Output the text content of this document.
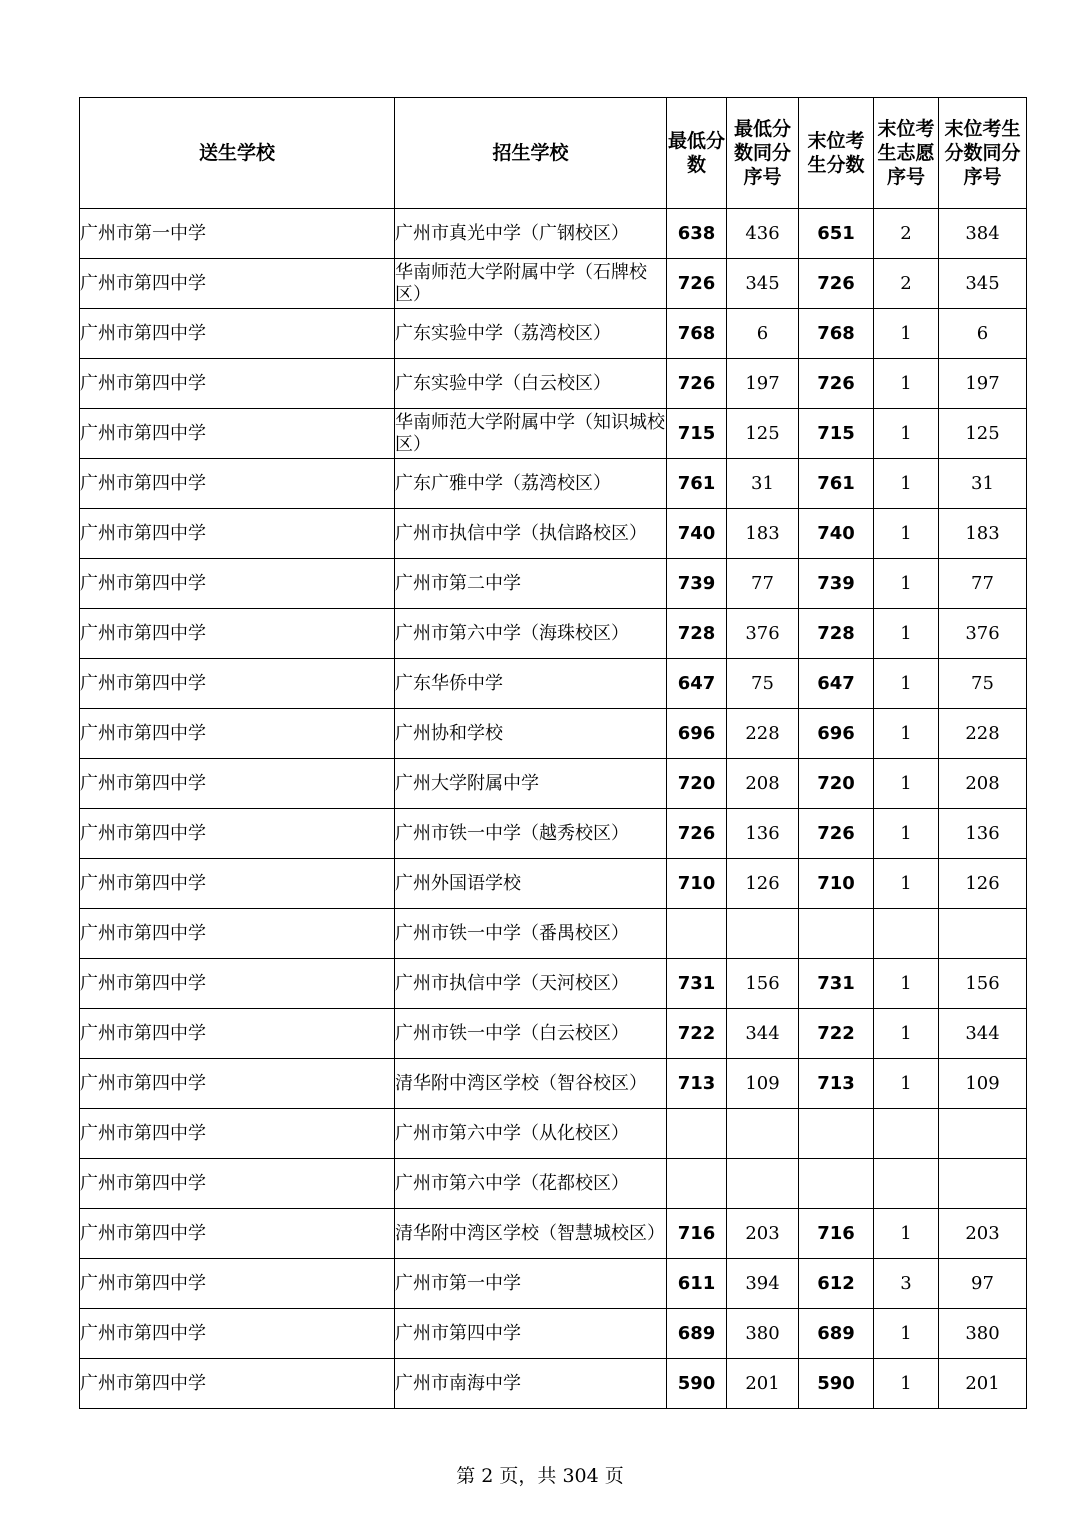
送生学校	招生学校	最低分数	最低分数同分序号	末位考生分数	末位考生志愿序号	末位考生分数同分序号
广州市第一中学	广州市真光中学（广钢校区）	638	436	651	2	384
广州市第四中学	华南师范大学附属中学（石牌校区）	726	345	726	2	345
广州市第四中学	广东实验中学（荔湾校区）	768	6	768	1	6
广州市第四中学	广东实验中学（白云校区）	726	197	726	1	197
广州市第四中学	华南师范大学附属中学（知识城校区）	715	125	715	1	125
广州市第四中学	广东广雅中学（荔湾校区）	761	31	761	1	31
广州市第四中学	广州市执信中学（执信路校区）	740	183	740	1	183
广州市第四中学	广州市第二中学	739	77	739	1	77
广州市第四中学	广州市第六中学（海珠校区）	728	376	728	1	376
广州市第四中学	广东华侨中学	647	75	647	1	75
广州市第四中学	广州协和学校	696	228	696	1	228
广州市第四中学	广州大学附属中学	720	208	720	1	208
广州市第四中学	广州市铁一中学（越秀校区）	726	136	726	1	136
广州市第四中学	广州外国语学校	710	126	710	1	126
广州市第四中学	广州市铁一中学（番禺校区）					
广州市第四中学	广州市执信中学（天河校区）	731	156	731	1	156
广州市第四中学	广州市铁一中学（白云校区）	722	344	722	1	344
广州市第四中学	清华附中湾区学校（智谷校区）	713	109	713	1	109
广州市第四中学	广州市第六中学（从化校区）					
广州市第四中学	广州市第六中学（花都校区）					
广州市第四中学	清华附中湾区学校（智慧城校区）	716	203	716	1	203
广州市第四中学	广州市第一中学	611	394	612	3	97
广州市第四中学	广州市第四中学	689	380	689	1	380
广州市第四中学	广州市南海中学	590	201	590	1	201
第 2 页，共 304 页
